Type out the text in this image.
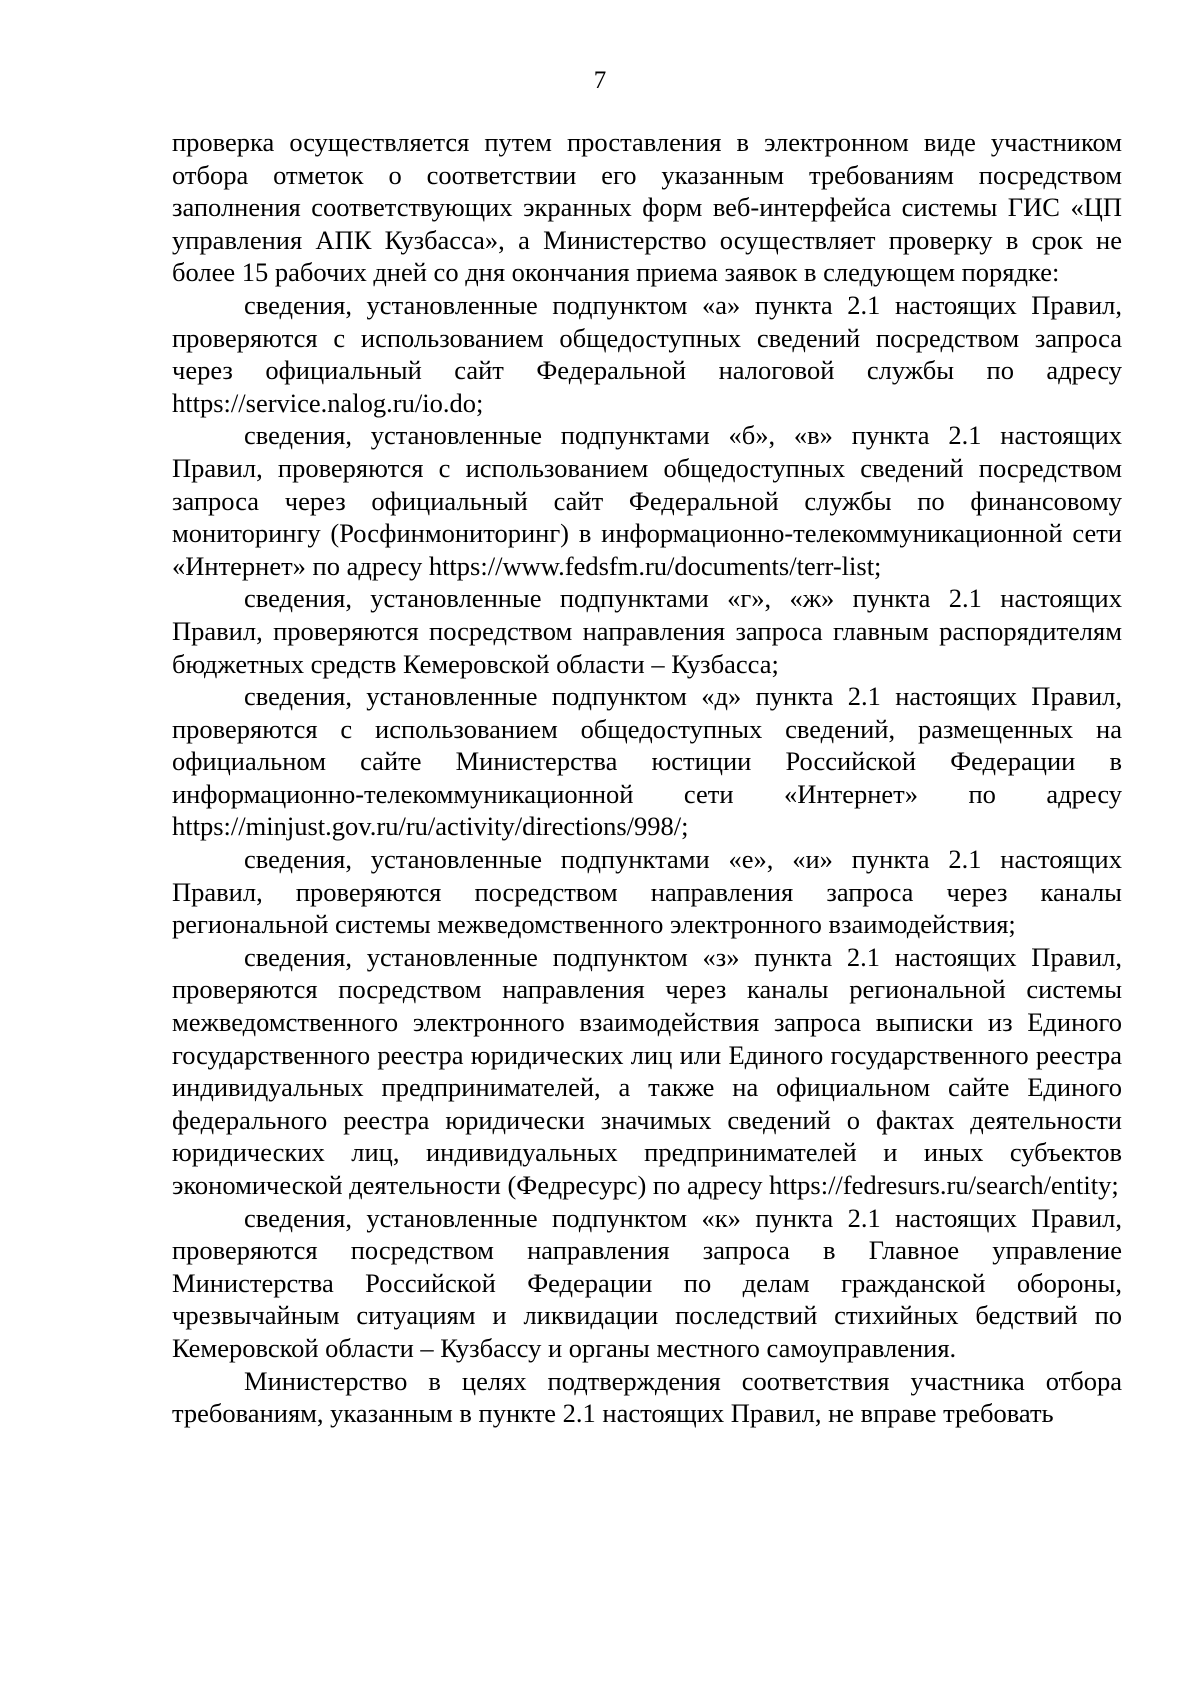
7

проверка осуществляется путем проставления в электронном виде участником отбора отметок о соответствии его указанным требованиям посредством заполнения соответствующих экранных форм веб-интерфейса системы ГИС «ЦП управления АПК Кузбасса», а Министерство осуществляет проверку в срок не более 15 рабочих дней со дня окончания приема заявок в следующем порядке:

сведения, установленные подпунктом «а» пункта 2.1 настоящих Правил, проверяются с использованием общедоступных сведений посредством запроса через официальный сайт Федеральной налоговой службы по адресу https://service.nalog.ru/io.do;

сведения, установленные подпунктами «б», «в» пункта 2.1 настоящих Правил, проверяются с использованием общедоступных сведений посредством запроса через официальный сайт Федеральной службы по финансовому мониторингу (Росфинмониторинг) в информационно-телекоммуникационной сети «Интернет» по адресу https://www.fedsfm.ru/documents/terr-list;

сведения, установленные подпунктами «г», «ж» пункта 2.1 настоящих Правил, проверяются посредством направления запроса главным распорядителям бюджетных средств Кемеровской области – Кузбасса;

сведения, установленные подпунктом «д» пункта 2.1 настоящих Правил, проверяются с использованием общедоступных сведений, размещенных на официальном сайте Министерства юстиции Российской Федерации в информационно-телекоммуникационной сети «Интернет» по адресу https://minjust.gov.ru/ru/activity/directions/998/;

сведения, установленные подпунктами «е», «и» пункта 2.1 настоящих Правил, проверяются посредством направления запроса через каналы региональной системы межведомственного электронного взаимодействия;

сведения, установленные подпунктом «з» пункта 2.1 настоящих Правил, проверяются посредством направления через каналы региональной системы межведомственного электронного взаимодействия запроса выписки из Единого государственного реестра юридических лиц или Единого государственного реестра индивидуальных предпринимателей, а также на официальном сайте Единого федерального реестра юридически значимых сведений о фактах деятельности юридических лиц, индивидуальных предпринимателей и иных субъектов экономической деятельности (Федресурс) по адресу https://fedresurs.ru/search/entity;

сведения, установленные подпунктом «к» пункта 2.1 настоящих Правил, проверяются посредством направления запроса в Главное управление Министерства Российской Федерации по делам гражданской обороны, чрезвычайным ситуациям и ликвидации последствий стихийных бедствий по Кемеровской области – Кузбассу и органы местного самоуправления.

Министерство в целях подтверждения соответствия участника отбора требованиям, указанным в пункте 2.1 настоящих Правил, не вправе требовать
